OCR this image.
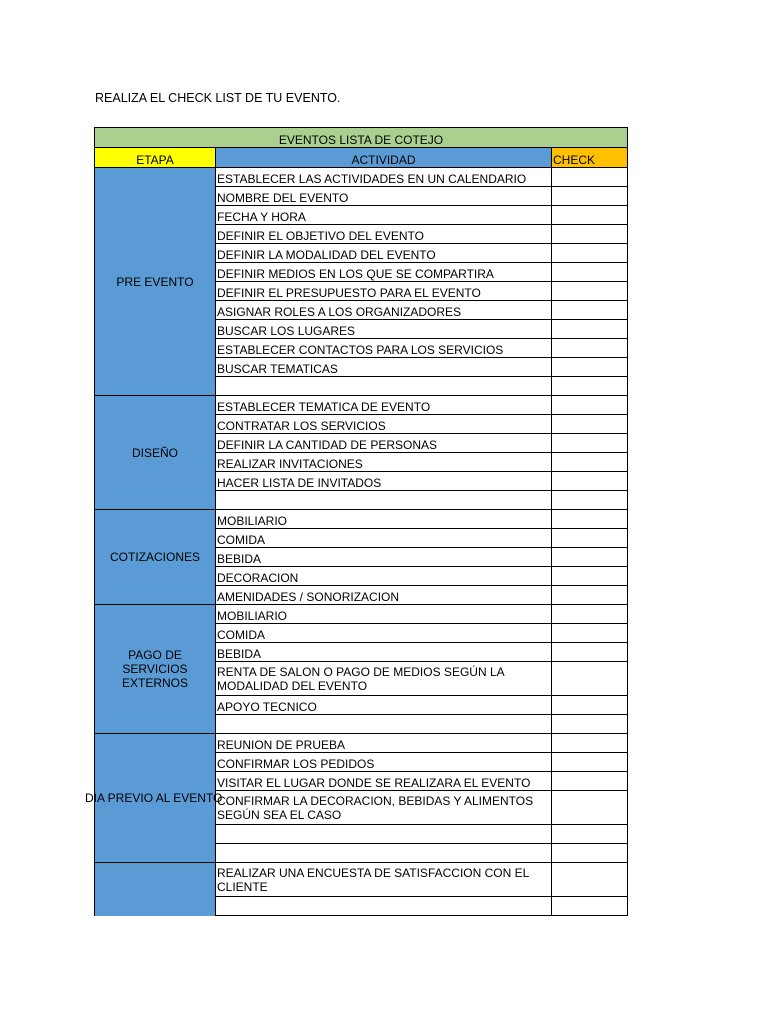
REALIZA EL CHECK LIST DE TU EVENTO.
EVENTOS LISTA DE COTEJO		
ETAPA	ACTIVIDAD	CHECK
PRE EVENTO	ESTABLECER LAS ACTIVIDADES EN UN CALENDARIO	
	NOMBRE DEL EVENTO	
	FECHA Y HORA	
	DEFINIR EL OBJETIVO DEL EVENTO	
	DEFINIR LA MODALIDAD DEL EVENTO	
	DEFINIR MEDIOS EN LOS QUE SE COMPARTIRA	
	DEFINIR EL PRESUPUESTO PARA EL EVENTO	
	ASIGNAR ROLES A LOS ORGANIZADORES	
	BUSCAR LOS LUGARES	
	ESTABLECER CONTACTOS PARA LOS SERVICIOS	
	BUSCAR TEMATICAS	

DISEÑO	ESTABLECER TEMATICA DE EVENTO	
	CONTRATAR LOS SERVICIOS	
	DEFINIR LA CANTIDAD DE PERSONAS	
	REALIZAR INVITACIONES	
	HACER LISTA DE INVITADOS	

COTIZACIONES	MOBILIARIO	
	COMIDA	
	BEBIDA	
	DECORACION	
	AMENIDADES / SONORIZACION	
PAGO DE SERVICIOS EXTERNOS	MOBILIARIO	
	COMIDA	
	BEBIDA	
	RENTA DE SALON O PAGO DE MEDIOS SEGÚN LA MODALIDAD DEL EVENTO	
	APOYO TECNICO	

DIA PREVIO AL EVENTO	REUNION DE PRUEBA	
	CONFIRMAR LOS PEDIDOS	
	VISITAR EL LUGAR DONDE SE REALIZARA EL EVENTO	
	CONFIRMAR LA DECORACION, BEBIDAS Y ALIMENTOS SEGÚN SEA EL CASO	

	REALIZAR UNA ENCUESTA DE SATISFACCION CON EL CLIENTE	
